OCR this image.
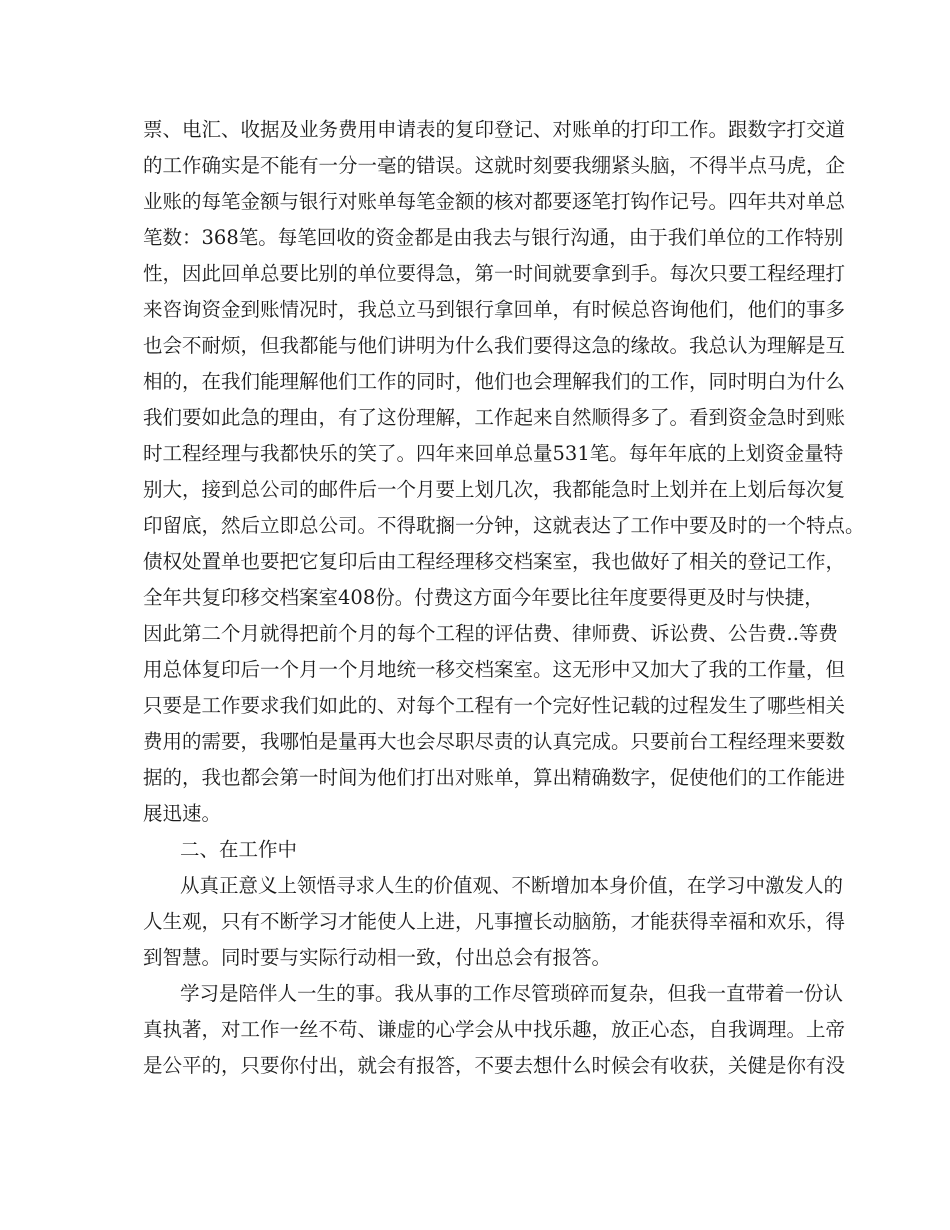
票、电汇、收据及业务费用申请表的复印登记、对账单的打印工作。跟数字打交道
的工作确实是不能有一分一毫的错误。这就时刻要我绷紧头脑，不得半点马虎，企
业账的每笔金额与银行对账单每笔金额的核对都要逐笔打钩作记号。四年共对单总
笔数：368笔。每笔回收的资金都是由我去与银行沟通，由于我们单位的工作特别
性，因此回单总要比别的单位要得急，第一时间就要拿到手。每次只要工程经理打
来咨询资金到账情况时，我总立马到银行拿回单，有时候总咨询他们，他们的事多
也会不耐烦，但我都能与他们讲明为什么我们要得这急的缘故。我总认为理解是互
相的，在我们能理解他们工作的同时，他们也会理解我们的工作，同时明白为什么
我们要如此急的理由，有了这份理解，工作起来自然顺得多了。看到资金急时到账
时工程经理与我都快乐的笑了。四年来回单总量531笔。每年年底的上划资金量特
别大，接到总公司的邮件后一个月要上划几次，我都能急时上划并在上划后每次复
印留底，然后立即总公司。不得耽搁一分钟，这就表达了工作中要及时的一个特点。
债权处置单也要把它复印后由工程经理移交档案室，我也做好了相关的登记工作，
全年共复印移交档案室408份。付费这方面今年要比往年度要得更及时与快捷，
因此第二个月就得把前个月的每个工程的评估费、律师费、诉讼费、公告费..等费
用总体复印后一个月一个月地统一移交档案室。这无形中又加大了我的工作量，但
只要是工作要求我们如此的、对每个工程有一个完好性记载的过程发生了哪些相关
费用的需要，我哪怕是量再大也会尽职尽责的认真完成。只要前台工程经理来要数
据的，我也都会第一时间为他们打出对账单，算出精确数字，促使他们的工作能进
展迅速。
二、在工作中
从真正意义上领悟寻求人生的价值观、不断增加本身价值，在学习中激发人的
人生观，只有不断学习才能使人上进，凡事擅长动脑筋，才能获得幸福和欢乐，得
到智慧。同时要与实际行动相一致，付出总会有报答。
学习是陪伴人一生的事。我从事的工作尽管琐碎而复杂，但我一直带着一份认
真执著，对工作一丝不苟、谦虚的心学会从中找乐趣，放正心态，自我调理。上帝
是公平的，只要你付出，就会有报答，不要去想什么时候会有收获，关健是你有没
